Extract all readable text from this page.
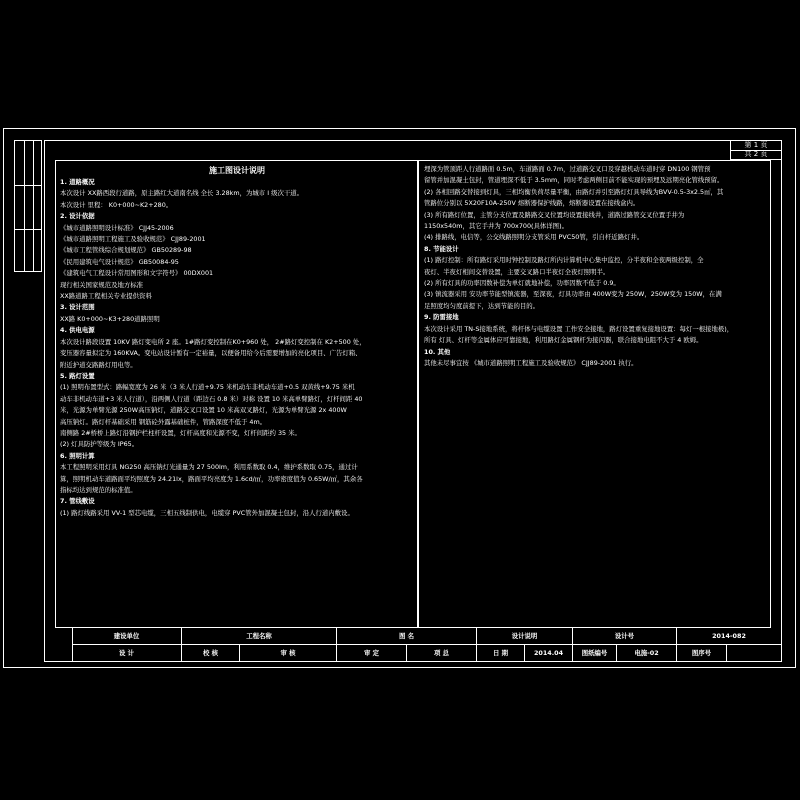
第 1 页
共 2 页

施工图设计说明

1. 道路概况

本次设计 XX路西段行道路，原主路红大道南名线 全长 3.28km，为城市 I 级次干道。

本次设计 里程： K0+000~K2+280。

2. 设计依据

《城市道路照明设计标准》 CJJ45-2006

《城市道路照明工程施工及验收规范》 CJJ89-2001

《城市工程管线综合规划规范》 GB50289-98

《民用建筑电气设计规范》 GB50084-95

《建筑电气工程设计常用图形和文字符号》 00DX001

现行相关国家规范及地方标准

XX路道路工程相关专业提供资料

3. 设计范围

XX路 K0+000~K3+280道路照明

4. 供电电源

本次设计路段设置 10KV 路灯变电所 2 座。1#路灯变控制在K0+960 处， 2#路灯变控制在 K2+500 处，

变压器容量拟定为 160KVA。变电站设计暂有一定裕量，以便备用给今后需要增加的亮化项目、广告灯箱、

附近护道交路路灯用电等。

5. 路灯设置

(1) 照明布置型式：路幅宽度为 26 米（3 米人行道+9.75 米机动车非机动车道+0.5 双黄线+9.75 米机

动车非机动车道+3 米人行道），沿两侧人行道（距边石 0.8 米）对称 设置 10 米高单臂路灯，灯杆间距 40

米，光源为单臂光源 250W高压钠灯，道路交叉口设置 10 米高双叉路灯，光源为单臂光源 2x 400W

高压钠灯。路灯杆基础采用 钢筋砼外露基础桩件，管路深度不低于 4m。

南侧路 2#桥桥上路灯沿钢护栏柱杆设置，灯杆高度和光源不变，灯杆间距约 35 米。

(2) 灯具防护等级为 IP65。

6. 照明计算

本工程照明采用灯具 NG250 高压钠灯光通量为 27 500lm，利用系数取 0.4，维护系数取 0.75，通过计

算，照明机动车道路面平均照度为 24.21lx，路面平均亮度为 1.6cd/㎡，功率密度值为 0.65W/㎡，其余各

指标均达到规范的标准值。

7. 管线敷设

(1) 路灯线路采用 VV-1 型芯电缆，三相五线制供电，电缆穿 PVC管外加混凝土包封，沿人行道内敷设。

埋深为管顶距人行道路面 0.5m，车道路面 0.7m，过道路交叉口及穿越机动车道时穿 DN100 钢管预

留管并加混凝土包封，管道埋深不低于 3.5mm，同时考虑两侧目前不能实现的预埋及远期亮化管线预留。

(2) 各相回路交替接到灯具，三相均衡负荷尽量平衡，由路灯并引至路灯灯具导线为BVV-0.5-3x2.5㎡，其

管路位分别以 5X20F10A-250V 熔断器保护线路，熔断器设置在接线盒内。

(3) 所有路灯位置，主管分支位置及路路交叉位置均设置接线井，道路过路管交叉位置手井为

1150x540m，其它手井为 700x700(具体详图)。

(4) 排路线，电信等，公交线路照明分支管采用 PVC50管，引自杆近路灯井。

8. 节能设计

(1) 路灯控制：所有路灯采用时钟控制及路灯所内计算机中心集中监控，分半夜和全夜两级控制，全

夜灯、半夜灯相间交替设置，主要交叉路口半夜灯全夜灯照明半。

(2) 所有灯具的功率因数补偿为单灯就地补偿，功率因数不低于 0.9。

(3) 镇流器采用 安功率节能型镇流器，至深夜，灯具功率由 400W变为 250W，250W变为 150W，在满

足照度均匀度前提下，达到节能的目的。

9. 防雷接地

本次设计采用 TN-S接地系统，将杆体与电缆设置 工作安全接地，路灯设置重复接地设置：每灯一根接地极)，

所有 灯具、灯杆等金属体应可靠接地，利用路灯金属钢杆为接闪器，联合接地电阻不大于 4 欧姆。

10. 其他

其他未尽事宜按 《城市道路照明工程施工及验收规范》 CJJ89-2001 执行。

建设单位	工程名称	图 名	设计说明	设计号	2014-082
设 计	校 核	审 核	审 定	项 总	日 期	2014.04	图纸编号	电施-02	图序号
